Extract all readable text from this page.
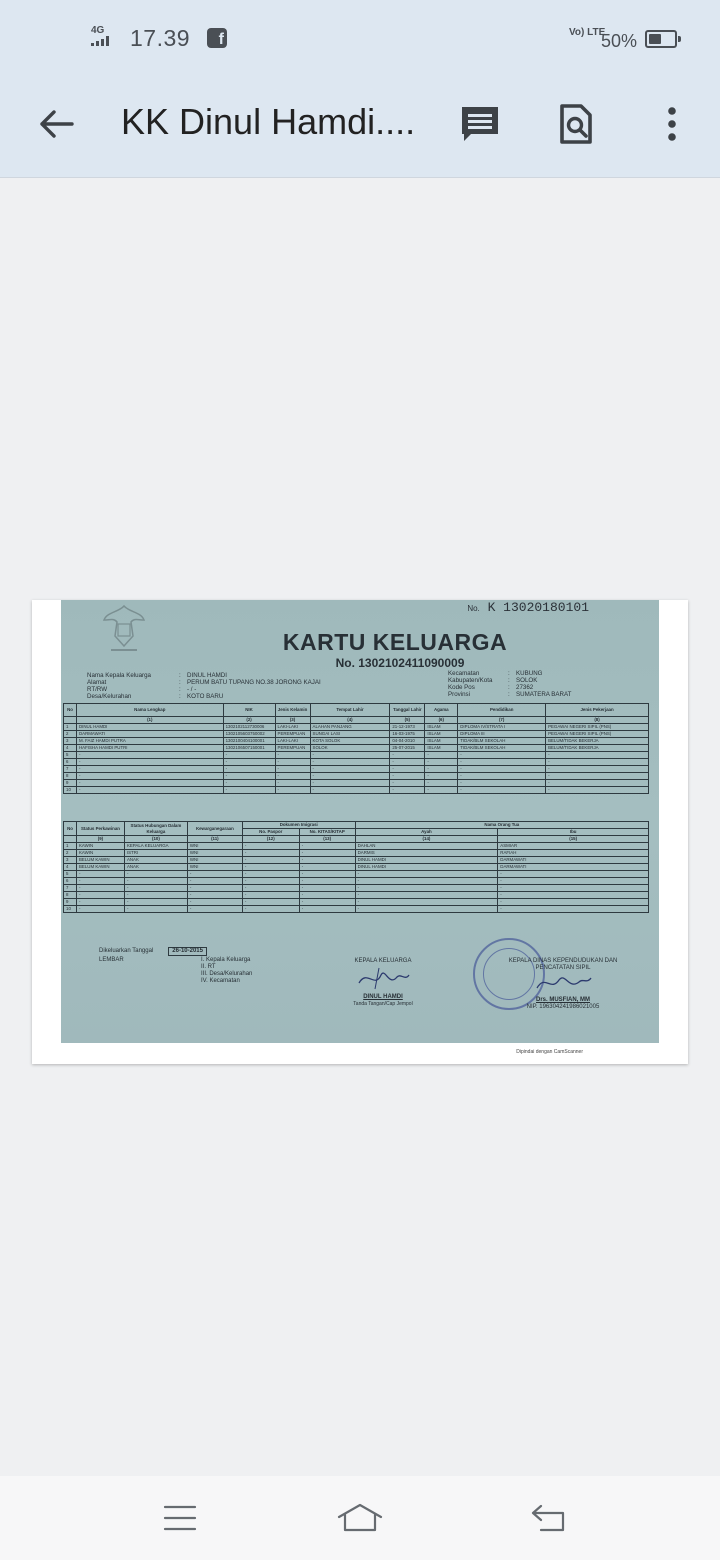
4G	17.39 f	Vo) LTE
50%
KK Dinul Hamdi....
No. K 13020180101
KARTU KELUARGA
No. 1302102411090009
Nama Kepala Keluarga	:	DINUL HAMDI
Alamat	:	PERUM BATU TUPANG NO.38 JORONG KAJAI
RT/RW	:	- / -
Desa/Kelurahan	:	KOTO BARU
Kecamatan	:	KUBUNG
Kabupaten/Kota	:	SOLOK
Kode Pos	:	27362
Provinsi	:	SUMATERA BARAT
No	Nama Lengkap	NIK	Jenis Kelamin	Tempat Lahir	Tanggal Lahir	Agama	Pendidikan	Jenis Pekerjaan
	(1)	(2)	(3)	(4)	(5)	(6)	(7)	(8)
1	DINUL HAMDI	1302102112730006	LAKI-LAKI	ALAHAN PANJANG	21-12-1973	ISLAM	DIPLOMA IV/STRATA I	PEGAWAI NEGERI SIPIL (PNS)
2	DARMAWATI	1302105603750002	PEREMPUAN	SUNGAI LASI	16-03-1975	ISLAM	DIPLOMA III	PEGAWAI NEGERI SIPIL (PNS)
3	M. FAIZ HAMDI PUTRA	1302100404100001	LAKI-LAKI	KOTA SOLOK	04-04-2010	ISLAM	TIDAK/BLM SEKOLAH	BELUM/TIDAK BEKERJA
4	HAFISHA HAMDI PUTRI	1302106507150001	PEREMPUAN	SOLOK	25-07-2015	ISLAM	TIDAK/BLM SEKOLAH	BELUM/TIDAK BEKERJA
5	-	-	-	-	-	-	-	-
6	-	-	-	-	-	-	-	-
7	-	-	-	-	-	-	-	-
8	-	-	-	-	-	-	-	-
9	-	-	-	-	-	-	-	-
10	-	-	-	-	-	-	-	-
No	Status Perkawinan	Status Hubungan Dalam Keluarga	Kewarganegaraan	Dokumen Imigrasi		Nama Orang Tua	
				No. Paspor	No. KITAS/KITAP	Ayah	Ibu
	(9)	(10)	(11)	(12)	(13)	(14)	(15)
1	KAWIN	KEPALA KELUARGA	WNI	-	-	DAHLAN	ASMIAR
2	KAWIN	ISTRI	WNI	-	-	DARMIS	RAFIAH
3	BELUM KAWIN	ANAK	WNI	-	-	DINUL HAMDI	DARMAWATI
4	BELUM KAWIN	ANAK	WNI	-	-	DINUL HAMDI	DARMAWATI
5	-	-	-	-	-	-	-
6	-	-	-	-	-	-	-
7	-	-	-	-	-	-	-
8	-	-	-	-	-	-	-
9	-	-	-	-	-	-	-
10	-	-	-	-	-	-	-
Dikeluarkan Tanggal	26-10-2015
LEMBAR	I. Kepala Keluarga
II. RT
III. Desa/Kelurahan
IV. Kecamatan
KEPALA KELUARGA
DINUL HAMDI
Tanda Tangan/Cap Jempol
KEPALA DINAS KEPENDUDUKAN DAN PENCATATAN SIPIL
Drs. MUSFIAN, MM
NIP. 196304241986021005
Dipindai dengan CamScanner
